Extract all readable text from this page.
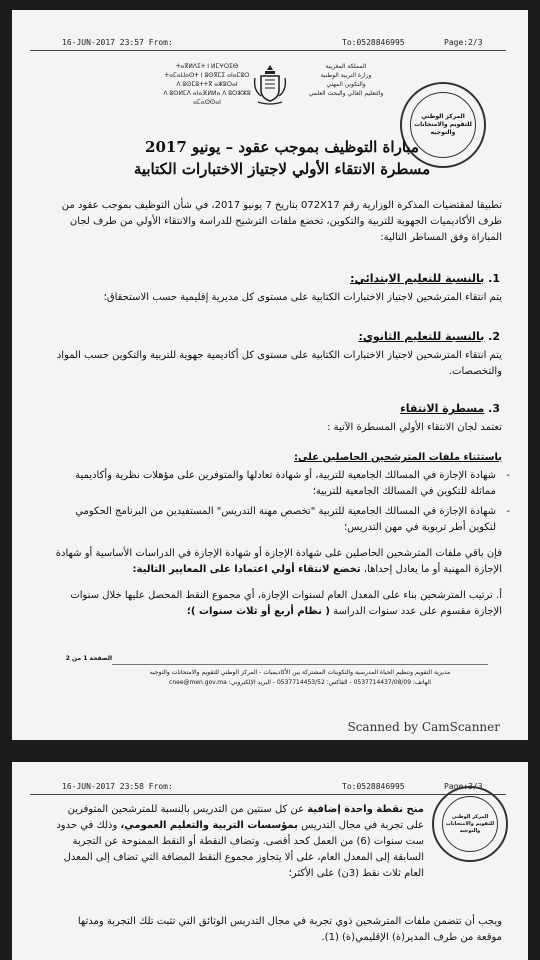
16-JUN-2017 23:57 From:	To:0528846995	Page:2/3
ⵜⴰⴳⵍⴷⵉⵜ ⵏ ⵍⵎⵖⵔⵉⴱ
ⵜⴰⵎⴰⵡⴰⵙⵜ ⵏ ⵓⵙⴳⵎⵉ ⴰⵏⴰⵎⵓⵔ
ⴷ ⵓⵙⵎⵓⵜⵜⴳ ⴰⵣⵓⵔⴰⵏ
ⴷ ⵓⵙⵍⵎⴷ ⴰⵏⴰⴼⵍⵍⴰ ⴷ ⵓⵔⵣⵣⵓ ⴰⵎⴰⵙⵙⴰⵏ
المملكة المغربية
وزارة التربية الوطنية
والتكوين المهني
والتعليم العالي والبحث العلمي
المركز الوطني للتقويم والامتحانات والتوجيه
مباراة التوظيف بموجب عقود – يونيو 2017
مسطرة الانتقاء الأولي لاجتياز الاختبارات الكتابية
تطبيقا لمقتضيات المذكرة الوزارية رقم 072X17 بتاريخ 7 يونيو 2017، في شأن التوظيف بموجب عقود من طرف الأكاديميات الجهوية للتربية والتكوين، تخضع ملفات الترشيح للدراسة والانتقاء الأولي من طرف لجان المباراة وفق المساطر التالية:
1. بالنسبة للتعليم الابتدائي:
يتم انتقاء المترشحين لاجتياز الاختبارات الكتابية على مستوى كل مديرية إقليمية حسب الاستحقاق؛
2. بالنسبة للتعليم الثانوي:
يتم انتقاء المترشحين لاجتياز الاختبارات الكتابية على مستوى كل أكاديمية جهوية للتربية والتكوين حسب المواد والتخصصات.
3. مسطرة الانتقاء
تعتمد لجان الانتقاء الأولي المسطرة الآتية :
باستثناء ملفات المترشحين الحاصلين على:
- شهادة الإجازة في المسالك الجامعية للتربية، أو شهادة تعادلها والمتوفرين على مؤهلات نظرية وأكاديمية مماثلة للتكوين في المسالك الجامعية للتربية؛
- شهادة الإجازة في المسالك الجامعية للتربية "تخصص مهنة التدريس" المستفيدين من البرنامج الحكومي لتكوين أطر تربوية في مهن التدريس؛
فإن باقي ملفات المترشحين الحاصلين على شهادة الإجازة أو شهادة الإجازة في الدراسات الأساسية أو شهادة الإجازة المهنية أو ما يعادل إحداها، تخضع لانتقاء أولي اعتمادا على المعايير التالية:
أ. ترتيب المترشحين بناء على المعدل العام لسنوات الإجازة، أي مجموع النقط المحصل عليها خلال سنوات الإجازة مقسوم على عدد سنوات الدراسة ( نظام أربع أو ثلاث سنوات )؛
الصفحة 1 من 2
مديرية التقويم وتنظيم الحياة المدرسية والتكوينات المشتركة بين الأكاديميات - المركز الوطني للتقويم والامتحانات والتوجيه
الهاتف: 0537714437/08/09 - الفاكس: 0537714453/52 - البريد الإلكتروني: cnee@men.gov.ma
Scanned by CamScanner
16-JUN-2017 23:58 From:	To:0528846995	Page:3/3
المركز الوطني للتقويم والامتحانات والتوجيه
منح نقطة واحدة إضافية عن كل سنتين من التدريس بالنسبة للمترشحين المتوفرين على تجربة في مجال التدريس بمؤسسات التربية والتعليم العمومي، وذلك في حدود ست سنوات (6) من العمل كحد أقصى. وتضاف النقطة أو النقط الممنوحة عن التجربة السابقة إلى المعدل العام، على ألا يتجاوز مجموع النقط المضافة التي تضاف إلى المعدل العام ثلاث نقط (3ن) على الأكثر؛
ويجب أن تتضمن ملفات المترشحين ذوي تجربة في مجال التدريس الوثائق التي تثبت تلك التجربة ومدتها موقعة من طرف المدير(ة) الإقليمي(ة) (1).
